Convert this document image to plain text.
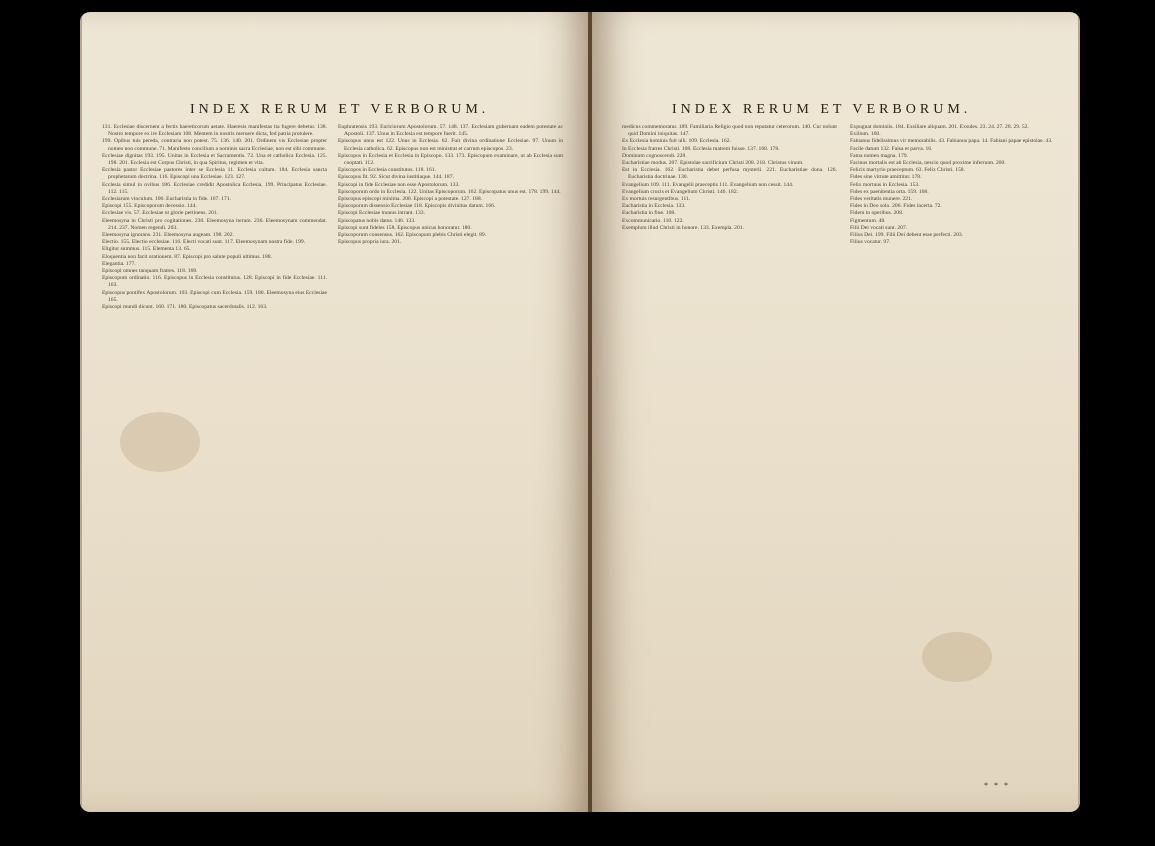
INDEX RERUM ET VERBORUM.

131. Ecclesiae discernent a fectis haereticorum aetate. Haeresis manifestas ita fugere debetur. 138. Nostro tempore ex ire Ecclesiam 108. Mentem in nostris meruere dicta, fed patria protulere.

199. Opibus tuis pereda, contraria non potest. 75. 136. 140. 201. Ordinem vis Ecclesiae propter nomen non commune. 71. Manifesto concilium a nominis sacra Ecclesiae, non est sibi commune.

Ecclesiae dignitas 193. 195. Unitas in Ecclesia et Sacramentis. 72. Una et catholica Ecclesia. 125. 198. 201. Ecclesia est Corpus Christi, in qua Spiritus, regimen et vita.

Ecclesia pastor Ecclesiae pastores inter se Ecclesia 11. Ecclesia cultum. 184. Ecclesia sancta prophetarum doctrina. 116. Episcopi una Ecclesiae. 123. 127.

Ecclesia simul in ovibus 186. Ecclesiae credidit Apostolica Ecclesia. 199. Principatus Ecclesiae. 112. 115.

Ecclesiarum vinculum. 100. Eucharistia in fide. 167. 171.

Episcopi 155. Episcoporum decessio. 144.

Ecclesiae vis. 57. Ecclesiae ut glorie pertinens. 201.

Eleemosyna in Christi pro cogitationes. 230. Eleemosyna iterum. 236. Eleemosynam commendat. 214. 237. Nomen regendi. 203.

Eleemosyna ignorans. 231. Eleemosyna augeant. 198. 202.

Electio. 155. Electio ecclesiae. 116. Electi vocati sunt. 117. Eleemosynam nostra fide. 199.

Eligitur summus. 115. Elementa 13. 65.

Eloquentia non facit orationem. 87. Episcopi pro salute populi ultimus. 188.

Elegantia. 177.

Episcopi omnes tanquam fratres. 118. 168.

Episcopum ordinatio. 116. Episcopus in Ecclesia constitutus. 128. Episcopi in fide Ecclesiae. 111. 163.

Episcopus pontifex Apostolorum. 103. Episcopi cum Ecclesia. 159. 180. Eleemosyna eius Ecclesiae 165.

Episcopi mundi dicunt. 160. 171. 180. Episcopatus sacerdotalis. 112. 163.

Euphratensis 193. Euriciorum Apostolorum. 57. 148. 137. Ecclesiam gubernant eadem potestate ac Apostoli. 137. Unus in Ecclesia est tempore fuerit. 145.

Episcopus unus est 122. Unus in Ecclesia. 62. Fuit divina ordinatione Ecclesiae. 97. Unum in Ecclesia catholica. 62. Episcopus non est ministrat et carrum episcopos. 23.

Episcopos in Ecclesia et Ecclesia in Episcopo. 133. 173. Episcopum examinare, ut ab Ecclesia sunt cooptati. 112.

Episcopos in Ecclesia constitutos. 118. 161.

Episcopus fit. 92. Sicut divina iustitiaque. 144. 187.

Episcopi in fide Ecclesiae non esse Apostolorum. 133.

Episcoporum ordo in Ecclesia. 122. Unitas Episcoporum. 162. Episcopatus unus est. 178. 199. 144.

Episcopus episcopi minima. 200. Episcopi a potestate. 127. 188.

Episcoporum dissensio Ecclesiae 118. Episcopis divinitus datum. 166.

Episcopi Ecclesiae munus intrant. 133.

Episcopatus nobis datus. 146. 133.

Episcopi sunt fideles 158. Episcopus unicus honoratur. 180.

Episcoporum consensus. 162. Episcopum plebis Christi elegit. 89.

Episcopus propria iura. 201.

INDEX RERUM ET VERBORUM.

medicus commemoratur. 189. Familiaria Religio quod non reputatur ceterorum. 140. Cur nolunt quid Domini iniquitas. 147.

Ex Ecclesia hominis fuit ulli. 109. Ecclesia. 162.

In Ecclesia fratres Christi. 108. Ecclesia matrem fuisse. 137. 168. 178.

Dominum cognoscendi. 228.

Eucharistiae modus. 207. Epistolae sacrificium Christi 208. 218. Christus vinum.

Est in Ecclesia. 162. Eucharistia debet perfusa mysterii. 221. Eucharistiae dona. 126. Eucharistia doctrinae. 130.

Evangelium 109. 111. Evangelii praeceptis 111. Evangelium non cessit. 144.

Evangelium crucis et Evangelium Christi. 146. 182.

Ex mortuis resurgentibus. 111.

Eucharistia in Ecclesia. 133.

Eucharistia in fine. 108.

Excommunicatio. 110. 122.

Exemplum illud Christi in honore. 133. Exempla. 201.

Expugnat dominiis. 184. Exsiliare aliquam. 201. Exsules. 23. 24. 27. 28. 29. 52.

Exilium. 160.

Fabianus fidelissimus vir memorabilis. 43. Fabianus papa. 14. Fabiani papae epistolae. 43.

Facile datum 132. Falsa et parva. 16.

Fama nomen magna. 179.

Facinus mortalis est ab Ecclesia, nescio quod proxime infernum. 200.

Felicis martyrio praeceptum. 63. Felix Christi. 158.

Fides sine virtute amittitur. 178.

Felix mortuus in Ecclesia. 153.

Fides ex paenitentia orta. 159. 168.

Fides veritatis munere. 221.

Fides in Deo solo. 206. Fides incerta. 72.

Fidem in operibus. 208.

Figmentum. 48.

Filii Dei vocati sunt. 207.

Filius Dei. 199. Filii Dei debent esse perfecti. 203.

Filius vocatur. 97.

* * *
